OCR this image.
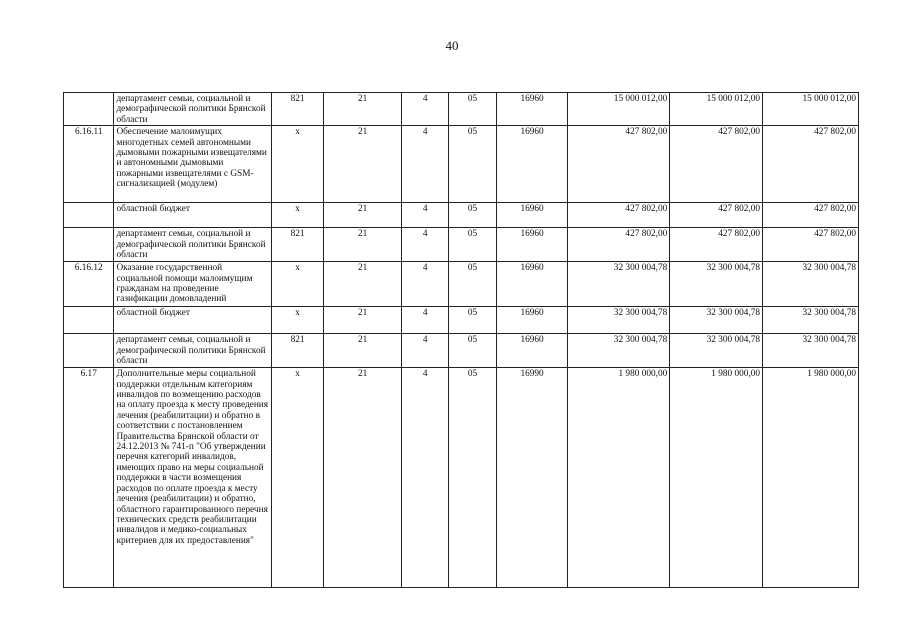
40
	департамент семьи, социальной и демографической политики Брянской области	821	21	4	05	16960	15 000 012,00	15 000 012,00	15 000 012,00
6.16.11	Обеспечение малоимущих многодетных семей автономными дымовыми пожарными извещателями и автономными дымовыми пожарными извещателями с GSM-сигнализацией (модулем)	x	21	4	05	16960	427 802,00	427 802,00	427 802,00
	областной бюджет	x	21	4	05	16960	427 802,00	427 802,00	427 802,00
	департамент семьи, социальной и демографической политики Брянской области	821	21	4	05	16960	427 802,00	427 802,00	427 802,00
6.16.12	Оказание государственной социальной помощи малоимущим гражданам на проведение газификации домовладений	x	21	4	05	16960	32 300 004,78	32 300 004,78	32 300 004,78
	областной бюджет	x	21	4	05	16960	32 300 004,78	32 300 004,78	32 300 004,78
	департамент семьи, социальной и демографической политики Брянской области	821	21	4	05	16960	32 300 004,78	32 300 004,78	32 300 004,78
6.17	Дополнительные меры социальной поддержки отдельным категориям инвалидов по возмещению расходов на оплату проезда к месту проведения лечения (реабилитации) и обратно в соответствии с постановлением Правительства Брянской области от 24.12.2013 № 741-п "Об утверждении перечня категорий инвалидов, имеющих право на меры социальной поддержки в части возмещения расходов по оплате проезда к месту лечения (реабилитации) и обратно, областного гарантированного перечня технических средств реабилитации инвалидов и медико-социальных критериев для их предоставления"	x	21	4	05	16990	1 980 000,00	1 980 000,00	1 980 000,00
